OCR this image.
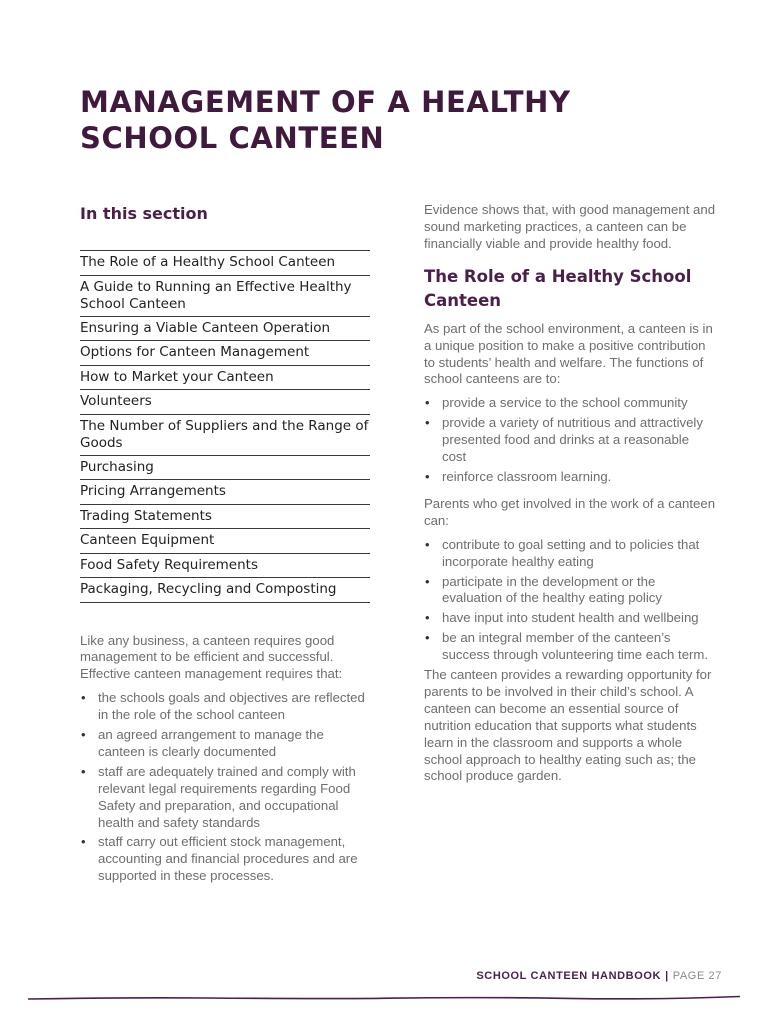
MANAGEMENT OF A HEALTHY SCHOOL CANTEEN
In this section
The Role of a Healthy School Canteen
A Guide to Running an Effective Healthy School Canteen
Ensuring a Viable Canteen Operation
Options for Canteen Management
How to Market your Canteen
Volunteers
The Number of Suppliers and the Range of Goods
Purchasing
Pricing Arrangements
Trading Statements
Canteen Equipment
Food Safety Requirements
Packaging, Recycling and Composting

Like any business, a canteen requires good management to be efficient and successful. Effective canteen management requires that:

• the schools goals and objectives are reflected in the role of the school canteen
• an agreed arrangement to manage the canteen is clearly documented
• staff are adequately trained and comply with relevant legal requirements regarding Food Safety and preparation, and occupational health and safety standards
• staff carry out efficient stock management, accounting and financial procedures and are supported in these processes.

Evidence shows that, with good management and sound marketing practices, a canteen can be financially viable and provide healthy food.

The Role of a Healthy School Canteen

As part of the school environment, a canteen is in a unique position to make a positive contribution to students’ health and welfare. The functions of school canteens are to:

• provide a service to the school community
• provide a variety of nutritious and attractively presented food and drinks at a reasonable cost
• reinforce classroom learning.

Parents who get involved in the work of a canteen can:

• contribute to goal setting and to policies that incorporate healthy eating
• participate in the development or the evaluation of the healthy eating policy
• have input into student health and wellbeing
• be an integral member of the canteen’s success through volunteering time each term.

The canteen provides a rewarding opportunity for parents to be involved in their child’s school. A canteen can become an essential source of nutrition education that supports what students learn in the classroom and supports a whole school approach to healthy eating such as; the school produce garden.

SCHOOL CANTEEN HANDBOOK | PAGE 27
